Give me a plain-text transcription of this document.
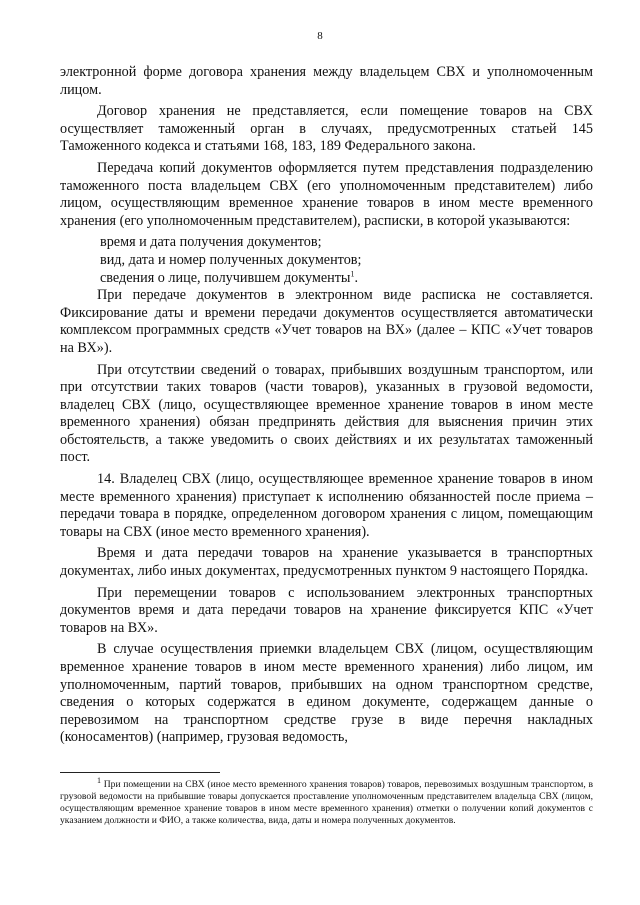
8

электронной форме договора хранения между владельцем СВХ и уполномоченным лицом.

Договор хранения не представляется, если помещение товаров на СВХ осуществляет таможенный орган в случаях, предусмотренных статьей 145 Таможенного кодекса и статьями 168, 183, 189 Федерального закона.

Передача копий документов оформляется путем представления подразделению таможенного поста владельцем СВХ (его уполномоченным представителем) либо лицом, осуществляющим временное хранение товаров в ином месте временного хранения (его уполномоченным представителем), расписки, в которой указываются:

время и дата получения документов;

вид, дата и номер полученных документов;

сведения о лице, получившем документы$^1$.

При передаче документов в электронном виде расписка не составляется. Фиксирование даты и времени передачи документов осуществляется автоматически комплексом программных средств «Учет товаров на ВХ» (далее – КПС «Учет товаров на ВХ»).

При отсутствии сведений о товарах, прибывших воздушным транспортом, или при отсутствии таких товаров (части товаров), указанных в грузовой ведомости, владелец СВХ (лицо, осуществляющее временное хранение товаров в ином месте временного хранения) обязан предпринять действия для выяснения причин этих обстоятельств, а также уведомить о своих действиях и их результатах таможенный пост.

14. Владелец СВХ (лицо, осуществляющее временное хранение товаров в ином месте временного хранения) приступает к исполнению обязанностей после приема – передачи товара в порядке, определенном договором хранения с лицом, помещающим товары на СВХ (иное место временного хранения).

Время и дата передачи товаров на хранение указывается в транспортных документах, либо иных документах, предусмотренных пунктом 9 настоящего Порядка.

При перемещении товаров с использованием электронных транспортных документов время и дата передачи товаров на хранение фиксируется КПС «Учет товаров на ВХ».

В случае осуществления приемки владельцем СВХ (лицом, осуществляющим временное хранение товаров в ином месте временного хранения) либо лицом, им уполномоченным, партий товаров, прибывших на одном транспортном средстве, сведения о которых содержатся в едином документе, содержащем данные о перевозимом на транспортном средстве грузе в виде перечня накладных (коносаментов) (например, грузовая ведомость,

$^1$ При помещении на СВХ (иное место временного хранения товаров) товаров, перевозимых воздушным транспортом, в грузовой ведомости на прибывшие товары допускается проставление уполномоченным представителем владельца СВХ (лицом, осуществляющим временное хранение товаров в ином месте временного хранения) отметки о получении копий документов с указанием должности и ФИО, а также количества, вида, даты и номера полученных документов.
